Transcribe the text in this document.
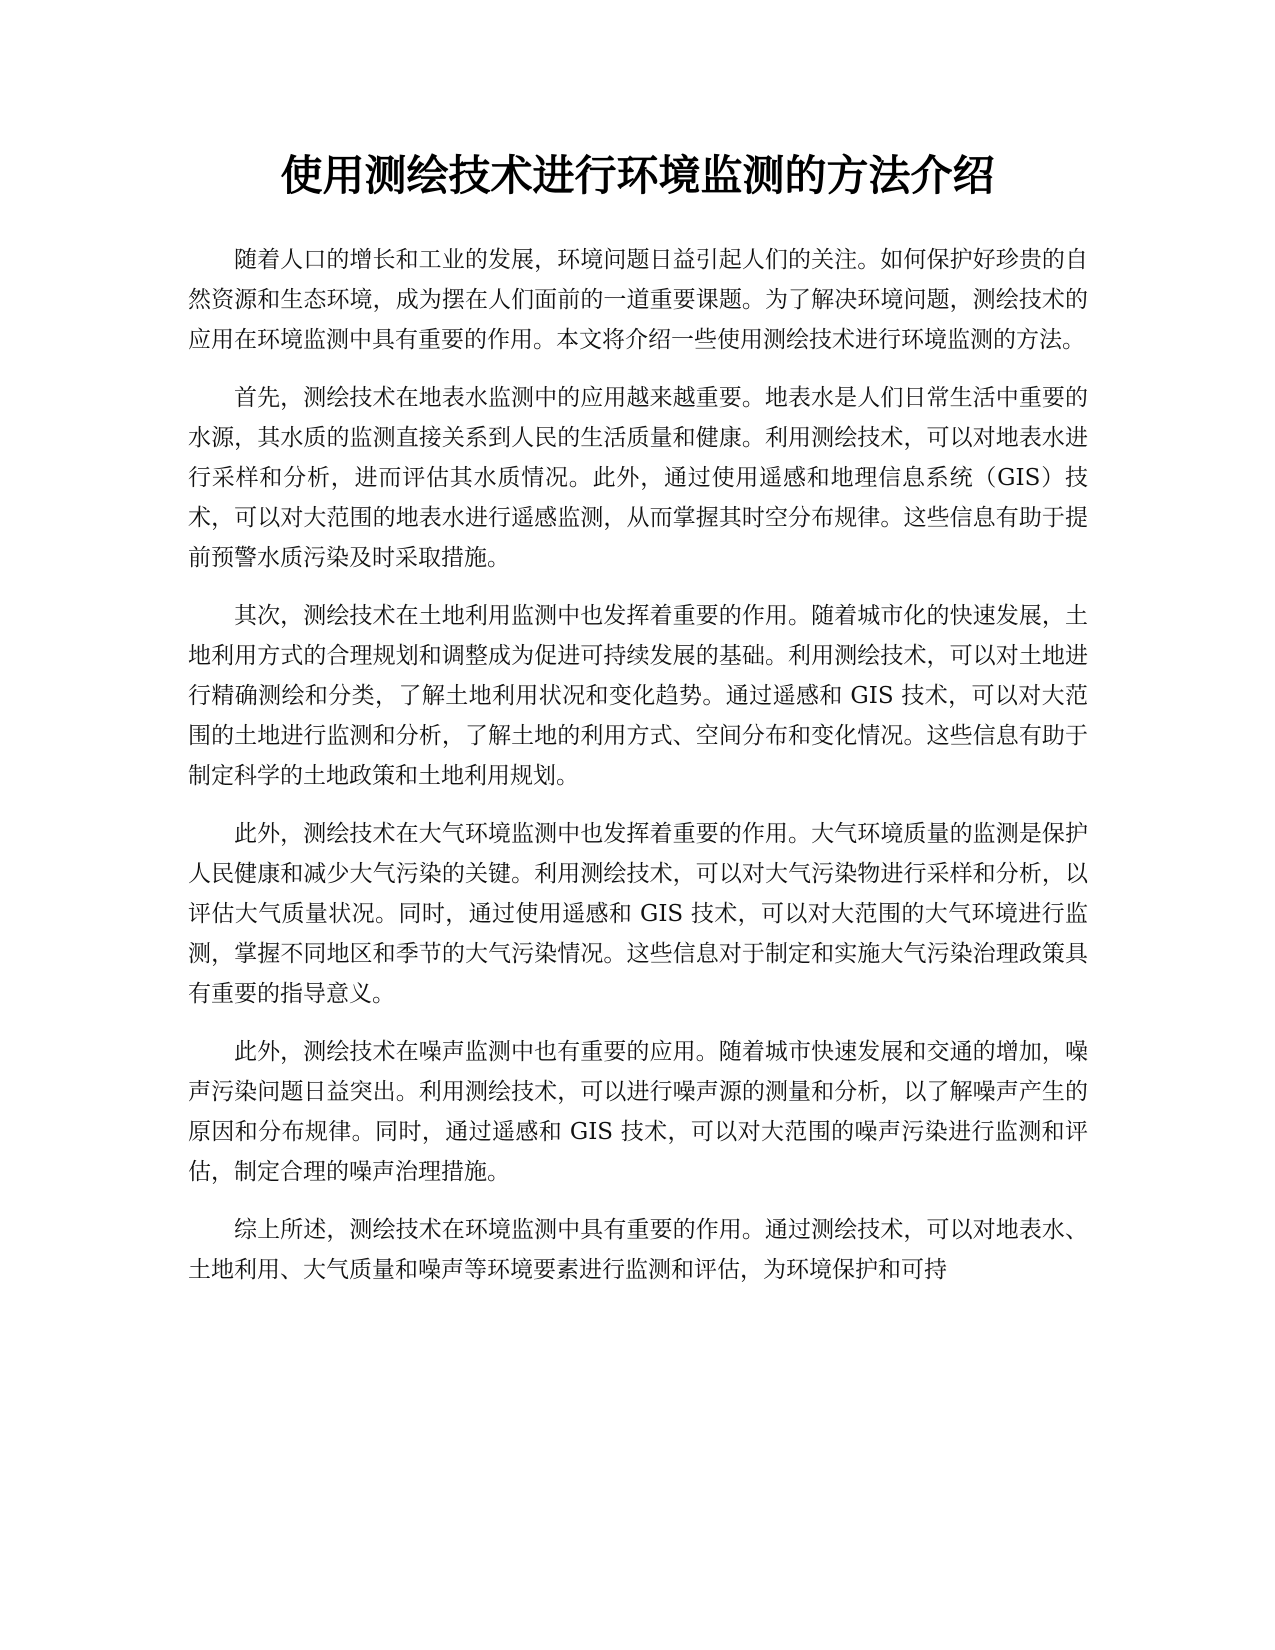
使用测绘技术进行环境监测的方法介绍

随着人口的增长和工业的发展，环境问题日益引起人们的关注。如何保护好珍贵的自然资源和生态环境，成为摆在人们面前的一道重要课题。为了解决环境问题，测绘技术的应用在环境监测中具有重要的作用。本文将介绍一些使用测绘技术进行环境监测的方法。

首先，测绘技术在地表水监测中的应用越来越重要。地表水是人们日常生活中重要的水源，其水质的监测直接关系到人民的生活质量和健康。利用测绘技术，可以对地表水进行采样和分析，进而评估其水质情况。此外，通过使用遥感和地理信息系统（GIS）技术，可以对大范围的地表水进行遥感监测，从而掌握其时空分布规律。这些信息有助于提前预警水质污染及时采取措施。

其次，测绘技术在土地利用监测中也发挥着重要的作用。随着城市化的快速发展，土地利用方式的合理规划和调整成为促进可持续发展的基础。利用测绘技术，可以对土地进行精确测绘和分类，了解土地利用状况和变化趋势。通过遥感和 GIS 技术，可以对大范围的土地进行监测和分析，了解土地的利用方式、空间分布和变化情况。这些信息有助于制定科学的土地政策和土地利用规划。

此外，测绘技术在大气环境监测中也发挥着重要的作用。大气环境质量的监测是保护人民健康和减少大气污染的关键。利用测绘技术，可以对大气污染物进行采样和分析，以评估大气质量状况。同时，通过使用遥感和 GIS 技术，可以对大范围的大气环境进行监测，掌握不同地区和季节的大气污染情况。这些信息对于制定和实施大气污染治理政策具有重要的指导意义。

此外，测绘技术在噪声监测中也有重要的应用。随着城市快速发展和交通的增加，噪声污染问题日益突出。利用测绘技术，可以进行噪声源的测量和分析，以了解噪声产生的原因和分布规律。同时，通过遥感和 GIS 技术，可以对大范围的噪声污染进行监测和评估，制定合理的噪声治理措施。

综上所述，测绘技术在环境监测中具有重要的作用。通过测绘技术，可以对地表水、土地利用、大气质量和噪声等环境要素进行监测和评估，为环境保护和可持
